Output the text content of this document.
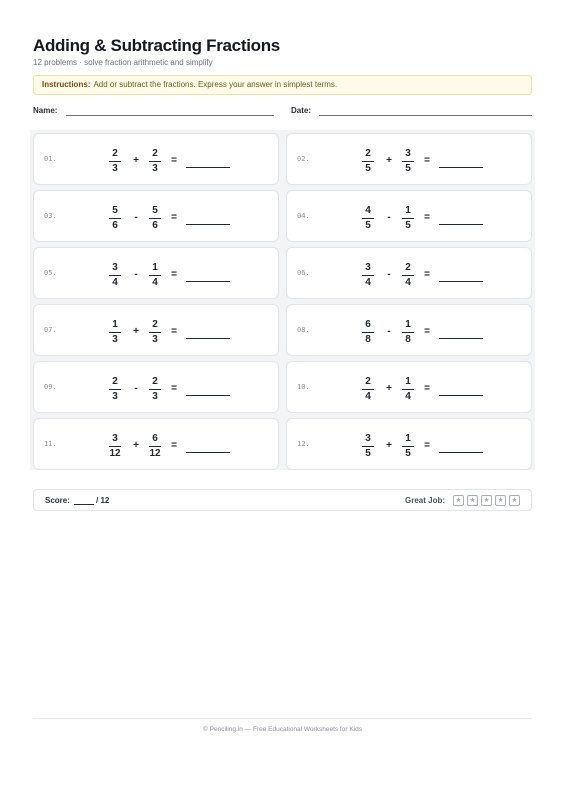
Adding & Subtracting Fractions
12 problems · solve fraction arithmetic and simplify
Instructions: Add or subtract the fractions. Express your answer in simplest terms.
Name:	Date:
01.	2
3
+
2
3
=	02.	2
5
+
3
5
=
03.	5
6
-
5
6
=	04.	4
5
-
1
5
=
05.	3
4
-
1
4
=	06.	3
4
-
2
4
=
07.	1
3
+
2
3
=	08.	6
8
-
1
8
=
09.	2
3
-
2
3
=	10.	2
4
+
1
4
=
11.	3
12
+
6
12
=	12.	3
5
+
1
5
=
Score:	/ 12	Great Job:	★	★	★	★	★
© Penciling.in — Free Educational Worksheets for Kids
